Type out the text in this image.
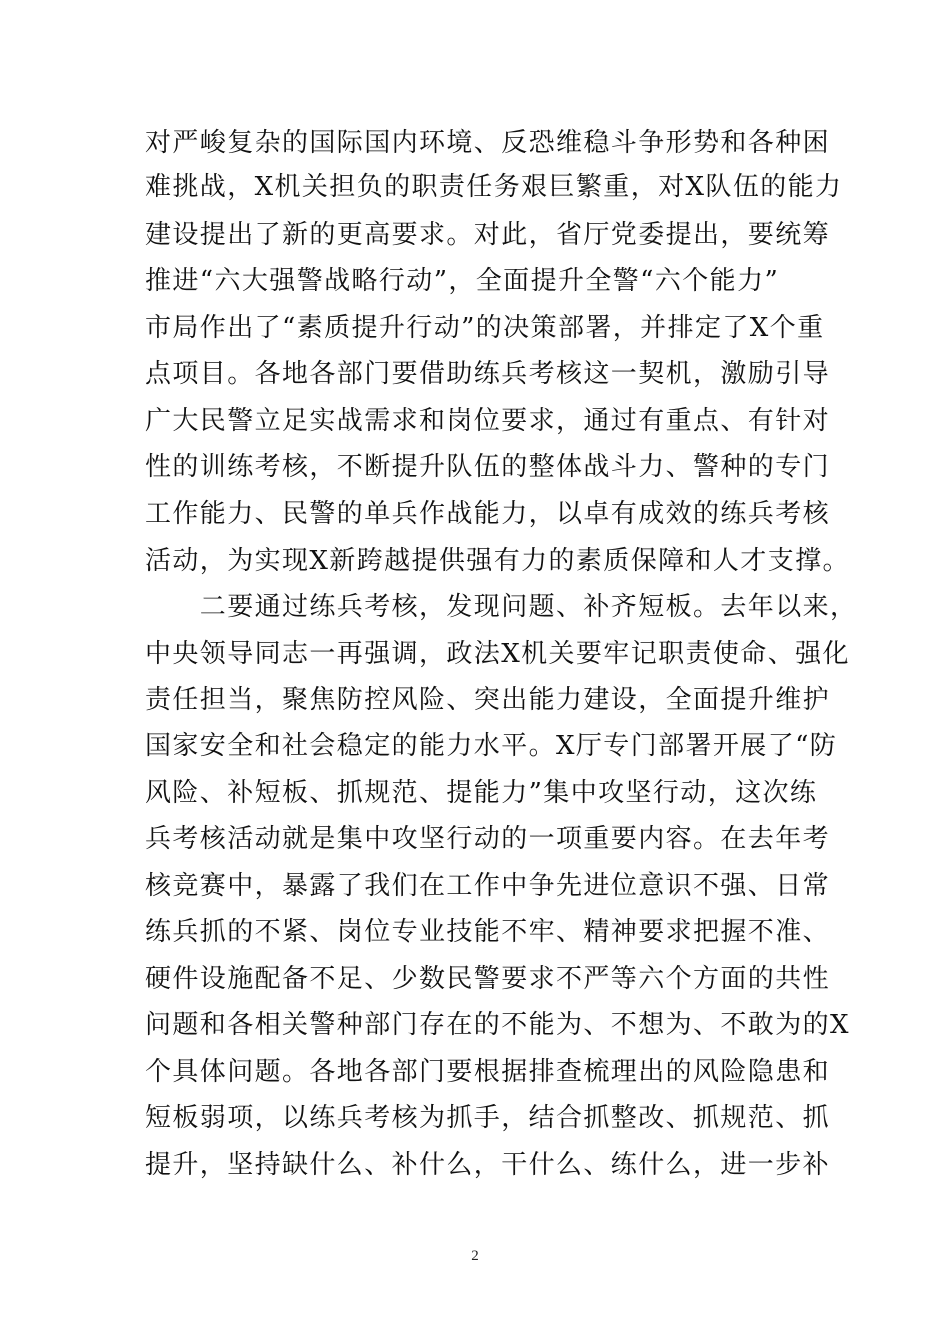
对严峻复杂的国际国内环境、反恐维稳斗争形势和各种困
难挑战，X机关担负的职责任务艰巨繁重，对X队伍的能力
建设提出了新的更高要求。对此，省厅党委提出，要统筹
推进“六大强警战略行动”，全面提升全警“六个能力”
市局作出了“素质提升行动”的决策部署，并排定了X个重
点项目。各地各部门要借助练兵考核这一契机，激励引导
广大民警立足实战需求和岗位要求，通过有重点、有针对
性的训练考核，不断提升队伍的整体战斗力、警种的专门
工作能力、民警的单兵作战能力，以卓有成效的练兵考核
活动，为实现X新跨越提供强有力的素质保障和人才支撑。
　　二要通过练兵考核，发现问题、补齐短板。去年以来，
中央领导同志一再强调，政法X机关要牢记职责使命、强化
责任担当，聚焦防控风险、突出能力建设，全面提升维护
国家安全和社会稳定的能力水平。X厅专门部署开展了“防
风险、补短板、抓规范、提能力”集中攻坚行动，这次练
兵考核活动就是集中攻坚行动的一项重要内容。在去年考
核竞赛中，暴露了我们在工作中争先进位意识不强、日常
练兵抓的不紧、岗位专业技能不牢、精神要求把握不准、
硬件设施配备不足、少数民警要求不严等六个方面的共性
问题和各相关警种部门存在的不能为、不想为、不敢为的X
个具体问题。各地各部门要根据排查梳理出的风险隐患和
短板弱项，以练兵考核为抓手，结合抓整改、抓规范、抓
提升，坚持缺什么、补什么，干什么、练什么，进一步补
2
